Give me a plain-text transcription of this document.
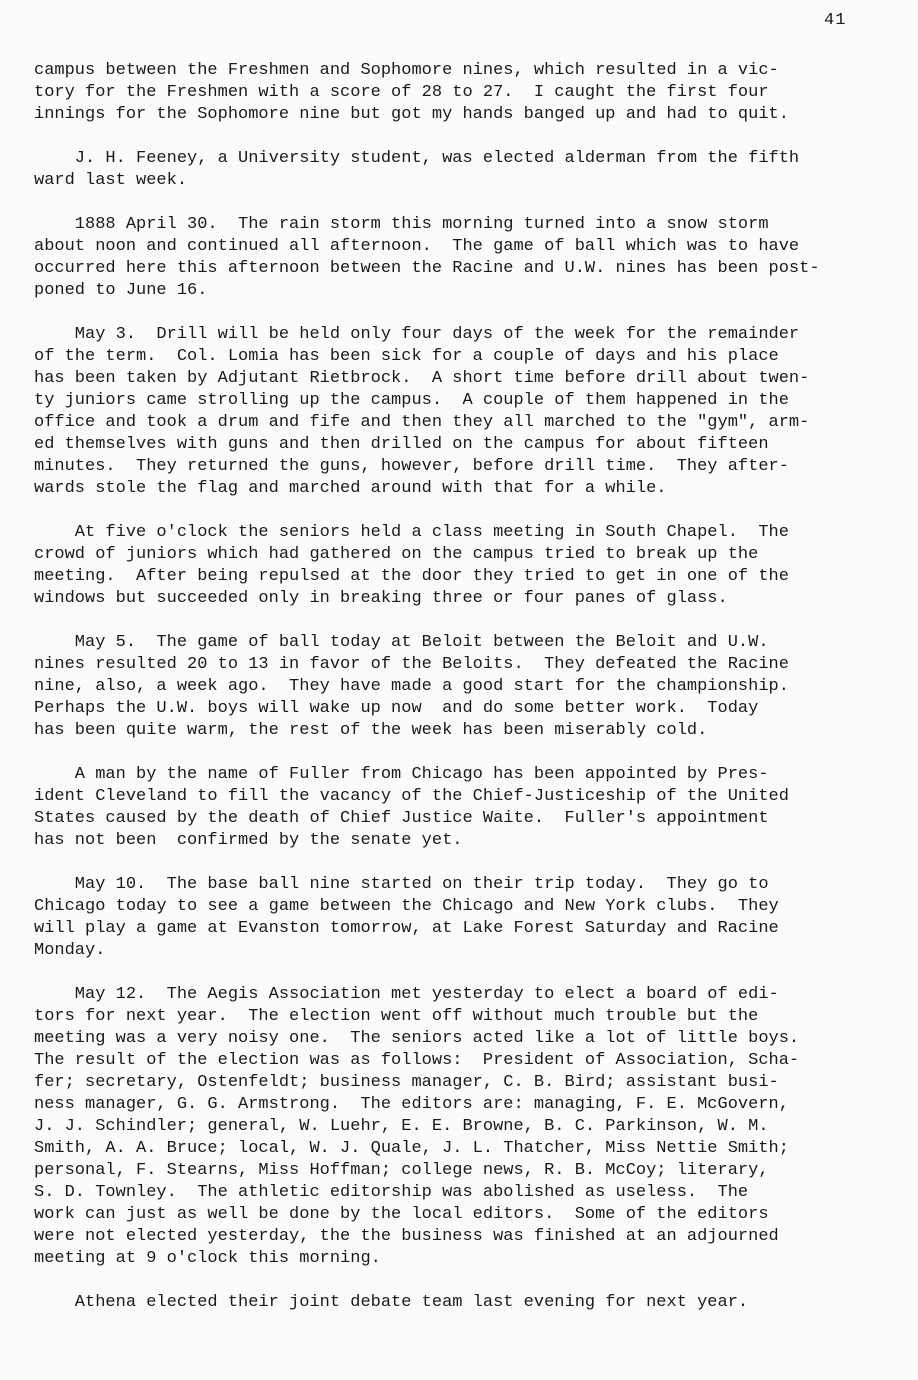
41
campus between the Freshmen and Sophomore nines, which resulted in a vic-
tory for the Freshmen with a score of 28 to 27.  I caught the first four
innings for the Sophomore nine but got my hands banged up and had to quit.
J. H. Feeney, a University student, was elected alderman from the fifth
ward last week.
1888 April 30.  The rain storm this morning turned into a snow storm
about noon and continued all afternoon.  The game of ball which was to have
occurred here this afternoon between the Racine and U.W. nines has been post-
poned to June 16.
May 3.  Drill will be held only four days of the week for the remainder
of the term.  Col. Lomia has been sick for a couple of days and his place
has been taken by Adjutant Rietbrock.  A short time before drill about twen-
ty juniors came strolling up the campus.  A couple of them happened in the
office and took a drum and fife and then they all marched to the "gym", arm-
ed themselves with guns and then drilled on the campus for about fifteen
minutes.  They returned the guns, however, before drill time.  They after-
wards stole the flag and marched around with that for a while.
At five o'clock the seniors held a class meeting in South Chapel.  The
crowd of juniors which had gathered on the campus tried to break up the
meeting.  After being repulsed at the door they tried to get in one of the
windows but succeeded only in breaking three or four panes of glass.
May 5.  The game of ball today at Beloit between the Beloit and U.W.
nines resulted 20 to 13 in favor of the Beloits.  They defeated the Racine
nine, also, a week ago.  They have made a good start for the championship.
Perhaps the U.W. boys will wake up now  and do some better work.  Today
has been quite warm, the rest of the week has been miserably cold.
A man by the name of Fuller from Chicago has been appointed by Pres-
ident Cleveland to fill the vacancy of the Chief-Justiceship of the United
States caused by the death of Chief Justice Waite.  Fuller's appointment
has not been  confirmed by the senate yet.
May 10.  The base ball nine started on their trip today.  They go to
Chicago today to see a game between the Chicago and New York clubs.  They
will play a game at Evanston tomorrow, at Lake Forest Saturday and Racine
Monday.
May 12.  The Aegis Association met yesterday to elect a board of edi-
tors for next year.  The election went off without much trouble but the
meeting was a very noisy one.  The seniors acted like a lot of little boys.
The result of the election was as follows:  President of Association, Scha-
fer; secretary, Ostenfeldt; business manager, C. B. Bird; assistant busi-
ness manager, G. G. Armstrong.  The editors are: managing, F. E. McGovern,
J. J. Schindler; general, W. Luehr, E. E. Browne, B. C. Parkinson, W. M.
Smith, A. A. Bruce; local, W. J. Quale, J. L. Thatcher, Miss Nettie Smith;
personal, F. Stearns, Miss Hoffman; college news, R. B. McCoy; literary,
S. D. Townley.  The athletic editorship was abolished as useless.  The
work can just as well be done by the local editors.  Some of the editors
were not elected yesterday, the the business was finished at an adjourned
meeting at 9 o'clock this morning.
Athena elected their joint debate team last evening for next year.
